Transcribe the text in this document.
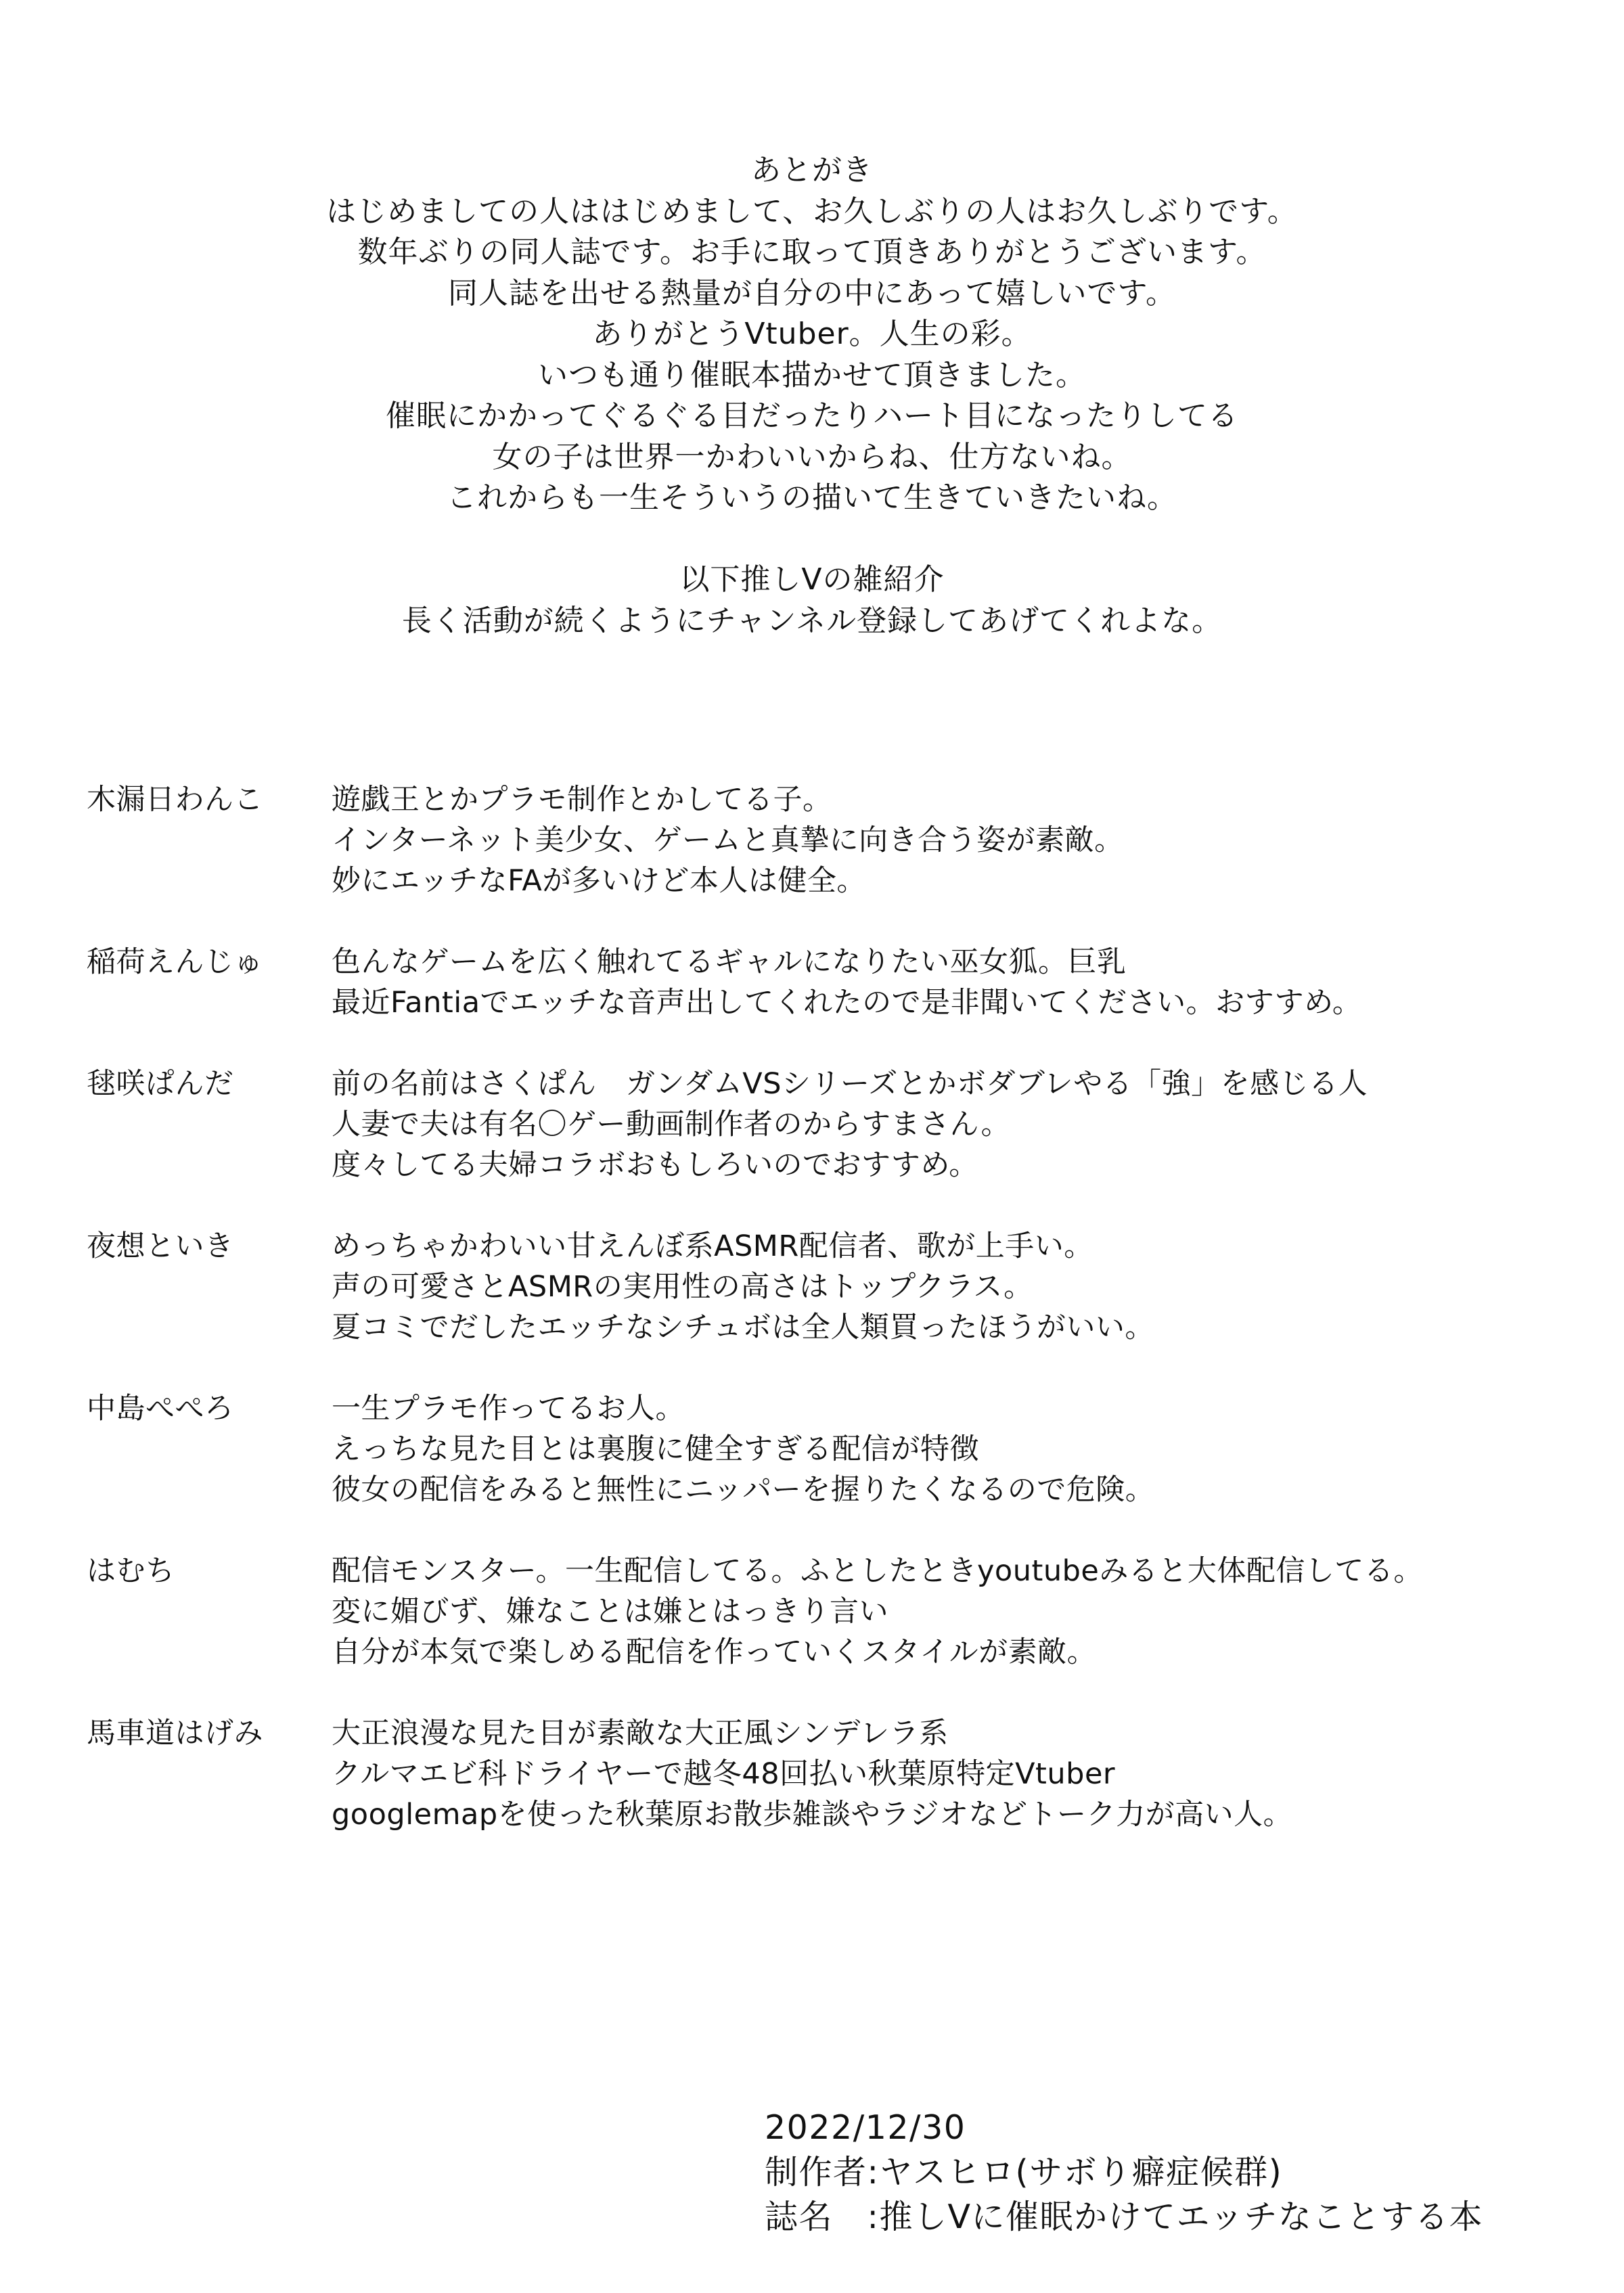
あとがき
はじめましての人ははじめまして、お久しぶりの人はお久しぶりです。
数年ぶりの同人誌です。お手に取って頂きありがとうございます。
同人誌を出せる熱量が自分の中にあって嬉しいです。
ありがとうVtuber。人生の彩。
いつも通り催眠本描かせて頂きました。
催眠にかかってぐるぐる目だったりハート目になったりしてる
女の子は世界一かわいいからね、仕方ないね。
これからも一生そういうの描いて生きていきたいね。
以下推しVの雑紹介
長く活動が続くようにチャンネル登録してあげてくれよな。
木漏日わんこ	遊戯王とかプラモ制作とかしてる子。
インターネット美少女、ゲームと真摯に向き合う姿が素敵。
妙にエッチなFAが多いけど本人は健全。
稲荷えんじゅ	色んなゲームを広く触れてるギャルになりたい巫女狐。巨乳
最近Fantiaでエッチな音声出してくれたので是非聞いてください。おすすめ。
毬咲ぱんだ	前の名前はさくぱん　ガンダムVSシリーズとかボダブレやる「強」を感じる人
人妻で夫は有名〇ゲー動画制作者のからすまさん。
度々してる夫婦コラボおもしろいのでおすすめ。
夜想といき	めっちゃかわいい甘えんぼ系ASMR配信者、歌が上手い。
声の可愛さとASMRの実用性の高さはトップクラス。
夏コミでだしたエッチなシチュボは全人類買ったほうがいい。
中島ぺぺろ	一生プラモ作ってるお人。
えっちな見た目とは裏腹に健全すぎる配信が特徴
彼女の配信をみると無性にニッパーを握りたくなるので危険。
はむち	配信モンスター。一生配信してる。ふとしたときyoutubeみると大体配信してる。
変に媚びず、嫌なことは嫌とはっきり言い
自分が本気で楽しめる配信を作っていくスタイルが素敵。
馬車道はげみ	大正浪漫な見た目が素敵な大正風シンデレラ系
クルマエビ科ドライヤーで越冬48回払い秋葉原特定Vtuber
googlemapを使った秋葉原お散歩雑談やラジオなどトーク力が高い人。
2022/12/30
制作者:ヤスヒロ(サボり癖症候群)
誌名　:推しVに催眠かけてエッチなことする本
